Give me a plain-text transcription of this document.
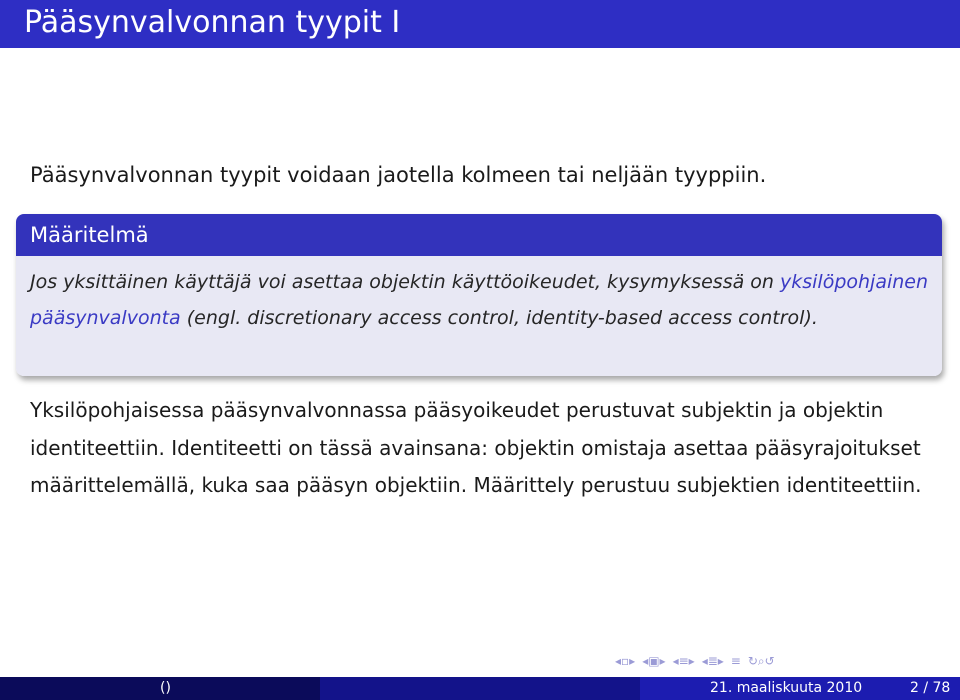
Pääsynvalvonnan tyypit I
Pääsynvalvonnan tyypit voidaan jaotella kolmeen tai neljään tyyppiin.
Määritelmä
Jos yksittäinen käyttäjä voi asettaa objektin käyttöoikeudet, kysymyksessä on yksilöpohjainen pääsynvalvonta (engl. discretionary access control, identity-based access control).
Yksilöpohjaisessa pääsynvalvonnassa pääsyoikeudet perustuvat subjektin ja objektin identiteettiin. Identiteetti on tässä avainsana: objektin omistaja asettaa pääsyrajoitukset määrittelemällä, kuka saa pääsyn objektiin. Määrittely perustuu subjektien identiteettiin.
◂▫▸ ◂▣▸ ◂≡▸ ◂≣▸ ≡ ↻⌕↺
()	21. maaliskuuta 2010	2 / 78
